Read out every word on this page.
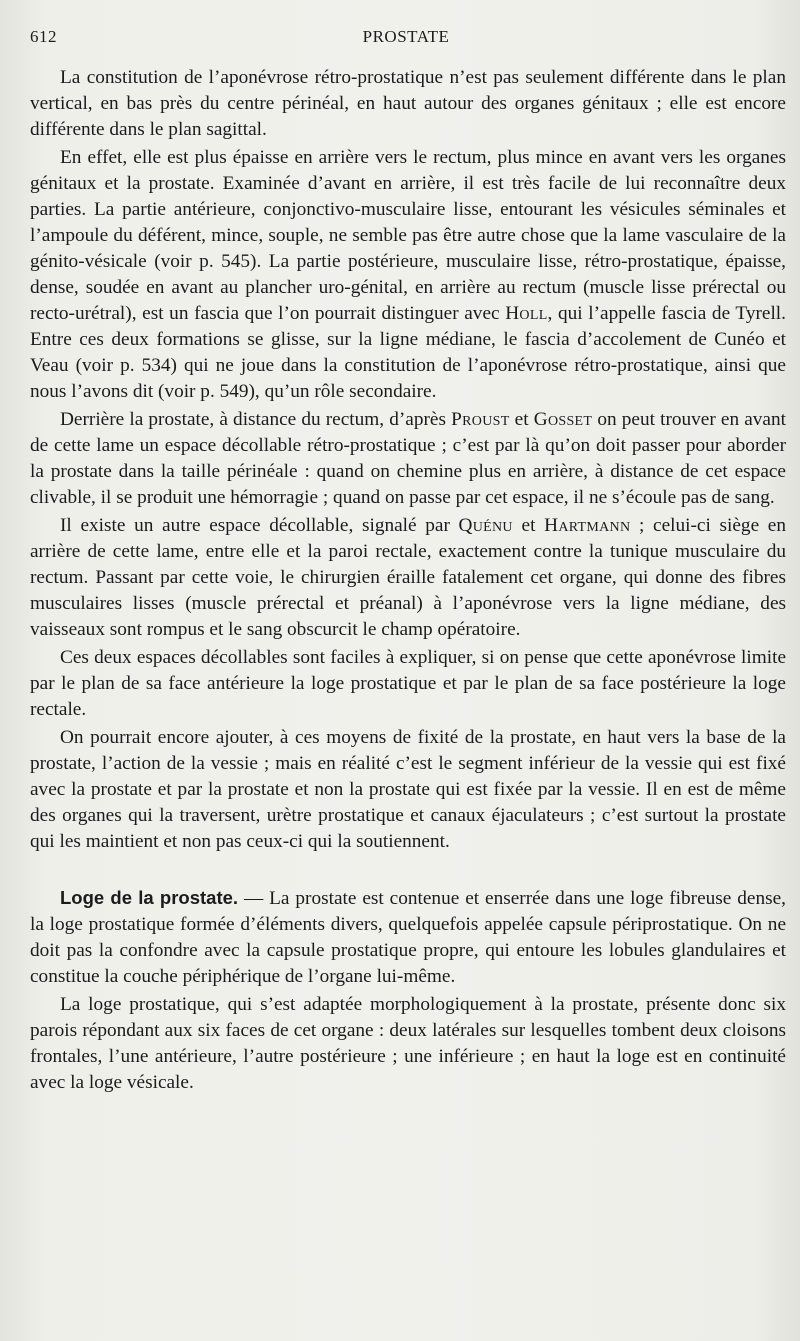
612	PROSTATE

La constitution de l’aponévrose rétro-prostatique n’est pas seulement différente dans le plan vertical, en bas près du centre périnéal, en haut autour des organes génitaux ; elle est encore différente dans le plan sagittal.

En effet, elle est plus épaisse en arrière vers le rectum, plus mince en avant vers les organes génitaux et la prostate. Examinée d’avant en arrière, il est très facile de lui reconnaître deux parties. La partie antérieure, conjonctivo-musculaire lisse, entourant les vésicules séminales et l’ampoule du déférent, mince, souple, ne semble pas être autre chose que la lame vasculaire de la génito-vésicale (voir p. 545). La partie postérieure, musculaire lisse, rétro-prostatique, épaisse, dense, soudée en avant au plancher uro-génital, en arrière au rectum (muscle lisse prérectal ou recto-urétral), est un fascia que l’on pourrait distinguer avec Holl, qui l’appelle fascia de Tyrell. Entre ces deux formations se glisse, sur la ligne médiane, le fascia d’accolement de Cunéo et Veau (voir p. 534) qui ne joue dans la constitution de l’aponévrose rétro-prostatique, ainsi que nous l’avons dit (voir p. 549), qu’un rôle secondaire.

Derrière la prostate, à distance du rectum, d’après Proust et Gosset on peut trouver en avant de cette lame un espace décollable rétro-prostatique ; c’est par là qu’on doit passer pour aborder la prostate dans la taille périnéale : quand on chemine plus en arrière, à distance de cet espace clivable, il se produit une hémorragie ; quand on passe par cet espace, il ne s’écoule pas de sang.

Il existe un autre espace décollable, signalé par Quénu et Hartmann ; celui-ci siège en arrière de cette lame, entre elle et la paroi rectale, exactement contre la tunique musculaire du rectum. Passant par cette voie, le chirurgien éraille fatalement cet organe, qui donne des fibres musculaires lisses (muscle prérectal et préanal) à l’aponévrose vers la ligne médiane, des vaisseaux sont rompus et le sang obscurcit le champ opératoire.

Ces deux espaces décollables sont faciles à expliquer, si on pense que cette aponévrose limite par le plan de sa face antérieure la loge prostatique et par le plan de sa face postérieure la loge rectale.

On pourrait encore ajouter, à ces moyens de fixité de la prostate, en haut vers la base de la prostate, l’action de la vessie ; mais en réalité c’est le segment inférieur de la vessie qui est fixé avec la prostate et par la prostate et non la prostate qui est fixée par la vessie. Il en est de même des organes qui la traversent, urètre prostatique et canaux éjaculateurs ; c’est surtout la prostate qui les maintient et non pas ceux-ci qui la soutiennent.

Loge de la prostate. — La prostate est contenue et enserrée dans une loge fibreuse dense, la loge prostatique formée d’éléments divers, quelquefois appelée capsule périprostatique. On ne doit pas la confondre avec la capsule prostatique propre, qui entoure les lobules glandulaires et constitue la couche périphérique de l’organe lui-même.

La loge prostatique, qui s’est adaptée morphologiquement à la prostate, présente donc six parois répondant aux six faces de cet organe : deux latérales sur lesquelles tombent deux cloisons frontales, l’une antérieure, l’autre postérieure ; une inférieure ; en haut la loge est en continuité avec la loge vésicale.
